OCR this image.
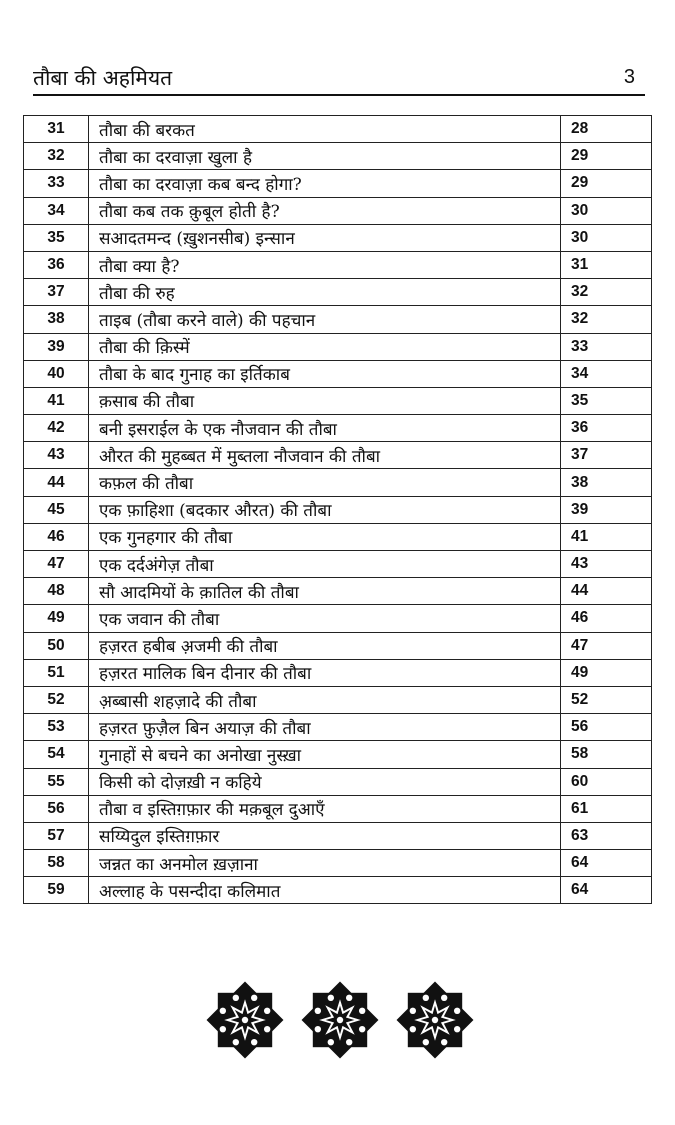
तौबा की अहमियत	3
31	तौबा की बरकत	28
32	तौबा का दरवाज़ा खुला है	29
33	तौबा का दरवाज़ा कब बन्द होगा?	29
34	तौबा कब तक क़ुबूल होती है?	30
35	सआदतमन्द (ख़ुशनसीब) इन्सान	30
36	तौबा क्या है?	31
37	तौबा की रुह	32
38	ताइब (तौबा करने वाले) की पहचान	32
39	तौबा की क़िस्में	33
40	तौबा के बाद गुनाह का इर्तिकाब	34
41	क़साब की तौबा	35
42	बनी इसराईल के एक नौजवान की तौबा	36
43	औरत की मुहब्बत में मुब्तला नौजवान की तौबा	37
44	कफ़ल की तौबा	38
45	एक फ़ाहिशा (बदकार औरत) की तौबा	39
46	एक गुनहगार की तौबा	41
47	एक दर्दअंगेज़ तौबा	43
48	सौ आदमियों के क़ातिल की तौबा	44
49	एक जवान की तौबा	46
50	हज़रत हबीब अ़जमी की तौबा	47
51	हज़रत मालिक बिन दीनार की तौबा	49
52	अ़ब्बासी शहज़ादे की तौबा	52
53	हज़रत फ़ुज़ैल बिन अयाज़ की तौबा	56
54	गुनाहों से बचने का अनोखा नुस्ख़ा	58
55	किसी को दोज़ख़ी न कहिये	60
56	तौबा व इस्तिग़फ़ार की मक़बूल दुआएँ	61
57	सय्यिदुल इस्तिग़फ़ार	63
58	जन्नत का अनमोल ख़ज़ाना	64
59	अल्लाह के पसन्दीदा कलिमात	64
